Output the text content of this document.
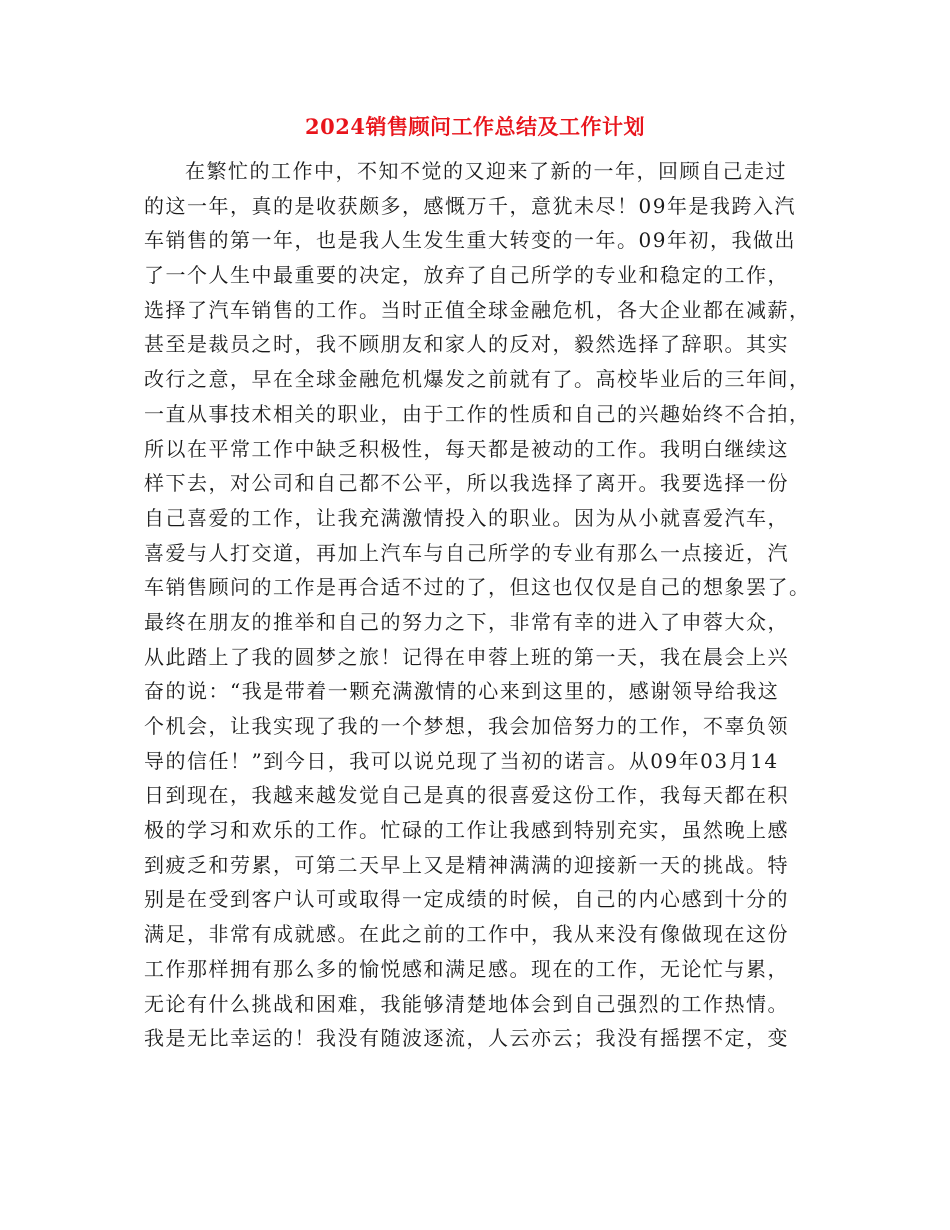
2024销售顾问工作总结及工作计划
在繁忙的工作中，不知不觉的又迎来了新的一年，回顾自己走过
的这一年，真的是收获颇多，感慨万千，意犹未尽！09年是我跨入汽
车销售的第一年，也是我人生发生重大转变的一年。09年初，我做出
了一个人生中最重要的决定，放弃了自己所学的专业和稳定的工作，
选择了汽车销售的工作。当时正值全球金融危机，各大企业都在减薪，
甚至是裁员之时，我不顾朋友和家人的反对，毅然选择了辞职。其实
改行之意，早在全球金融危机爆发之前就有了。高校毕业后的三年间，
一直从事技术相关的职业，由于工作的性质和自己的兴趣始终不合拍，
所以在平常工作中缺乏积极性，每天都是被动的工作。我明白继续这
样下去，对公司和自己都不公平，所以我选择了离开。我要选择一份
自己喜爱的工作，让我充满激情投入的职业。因为从小就喜爱汽车，
喜爱与人打交道，再加上汽车与自己所学的专业有那么一点接近，汽
车销售顾问的工作是再合适不过的了，但这也仅仅是自己的想象罢了。
最终在朋友的推举和自己的努力之下，非常有幸的进入了申蓉大众，
从此踏上了我的圆梦之旅！记得在申蓉上班的第一天，我在晨会上兴
奋的说：“我是带着一颗充满激情的心来到这里的，感谢领导给我这
个机会，让我实现了我的一个梦想，我会加倍努力的工作，不辜负领
导的信任！”到今日，我可以说兑现了当初的诺言。从09年03月14
日到现在，我越来越发觉自己是真的很喜爱这份工作，我每天都在积
极的学习和欢乐的工作。忙碌的工作让我感到特别充实，虽然晚上感
到疲乏和劳累，可第二天早上又是精神满满的迎接新一天的挑战。特
别是在受到客户认可或取得一定成绩的时候，自己的内心感到十分的
满足，非常有成就感。在此之前的工作中，我从来没有像做现在这份
工作那样拥有那么多的愉悦感和满足感。现在的工作，无论忙与累，
无论有什么挑战和困难，我能够清楚地体会到自己强烈的工作热情。
我是无比幸运的！我没有随波逐流，人云亦云；我没有摇摆不定，变
